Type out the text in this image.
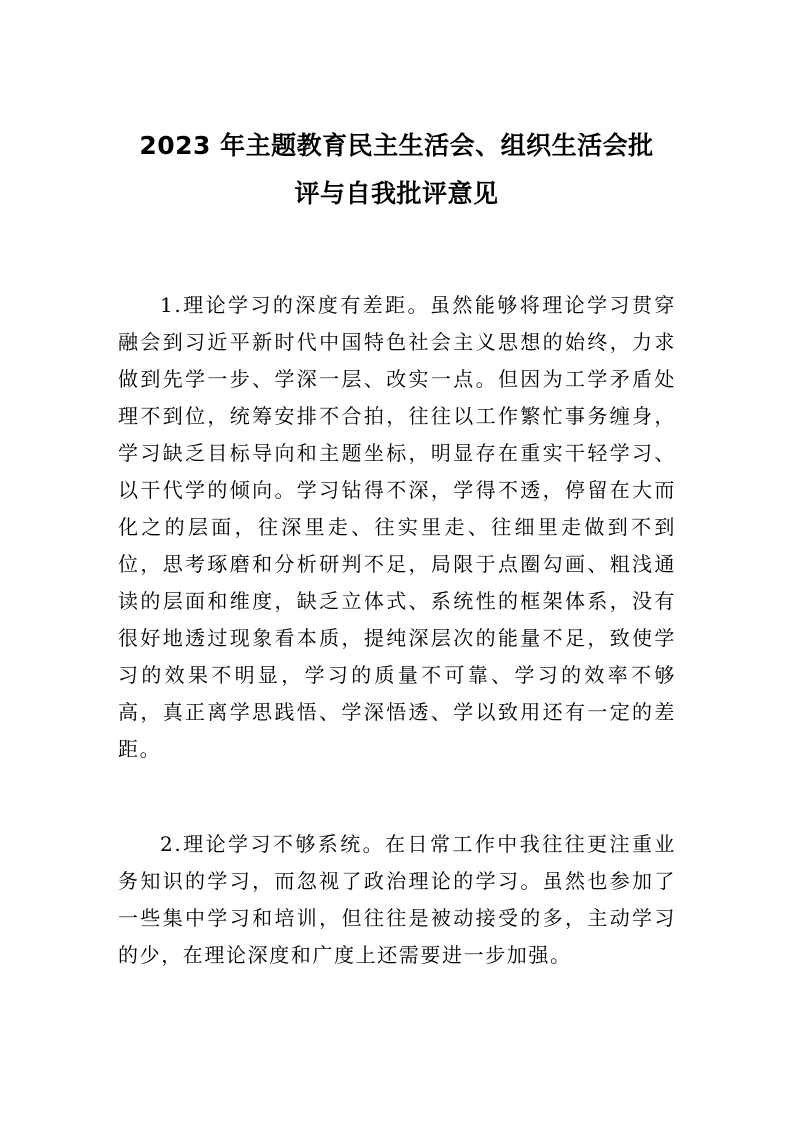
2023 年主题教育民主生活会、组织生活会批
评与自我批评意见

1.理论学习的深度有差距。虽然能够将理论学习贯穿融会到习近平新时代中国特色社会主义思想的始终，力求做到先学一步、学深一层、改实一点。但因为工学矛盾处理不到位，统筹安排不合拍，往往以工作繁忙事务缠身，学习缺乏目标导向和主题坐标，明显存在重实干轻学习、以干代学的倾向。学习钻得不深，学得不透，停留在大而化之的层面，往深里走、往实里走、往细里走做到不到位，思考琢磨和分析研判不足，局限于点圈勾画、粗浅通读的层面和维度，缺乏立体式、系统性的框架体系，没有很好地透过现象看本质，提纯深层次的能量不足，致使学习的效果不明显，学习的质量不可靠、学习的效率不够高，真正离学思践悟、学深悟透、学以致用还有一定的差距。

2.理论学习不够系统。在日常工作中我往往更注重业务知识的学习，而忽视了政治理论的学习。虽然也参加了一些集中学习和培训，但往往是被动接受的多，主动学习的少，在理论深度和广度上还需要进一步加强。
